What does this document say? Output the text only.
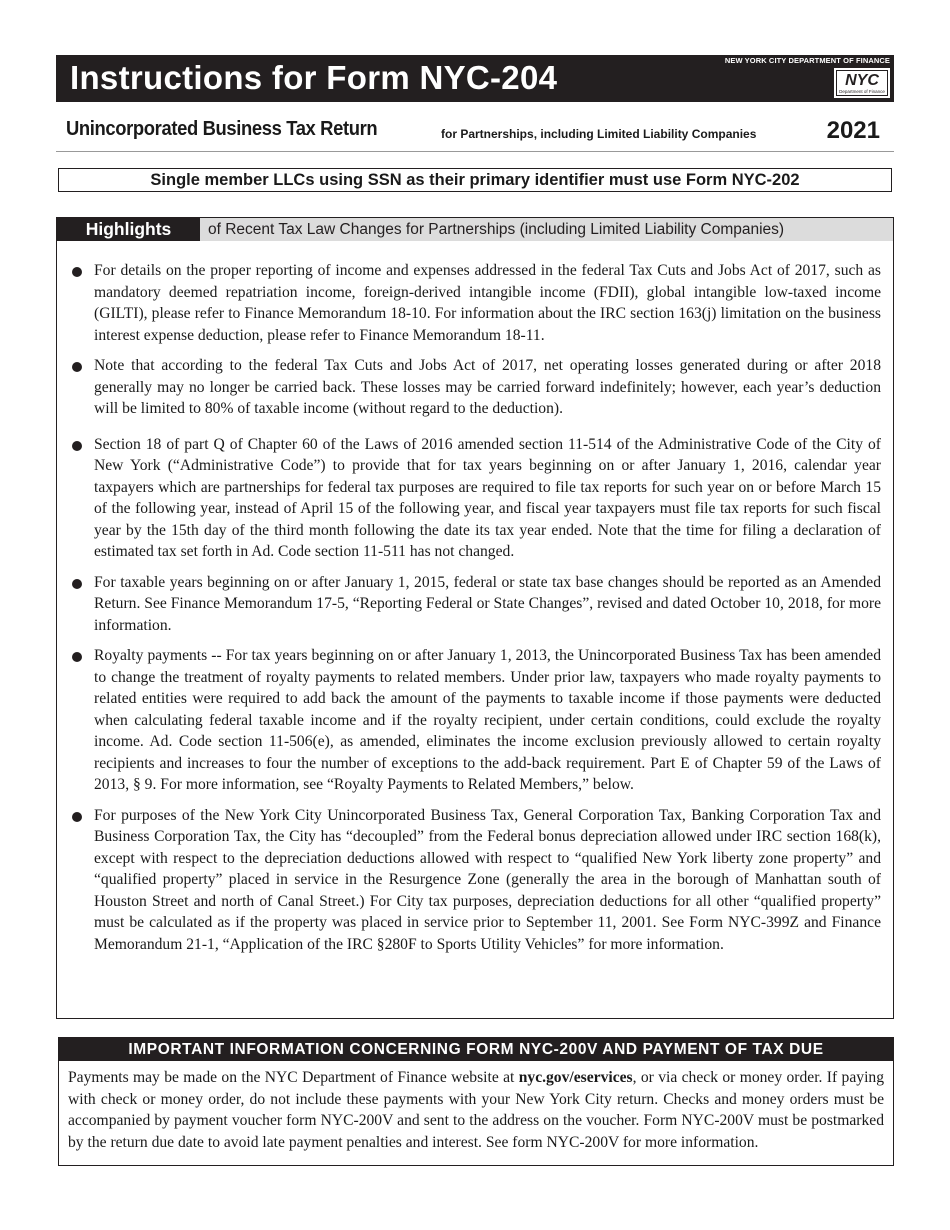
Instructions for Form NYC-204	NEW YORK CITY DEPARTMENT OF FINANCE
NYC
Department of Finance
Unincorporated Business Tax Return	for Partnerships, including Limited Liability Companies	2021
Single member LLCs using SSN as their primary identifier must use Form NYC-202
Highlights	of Recent Tax Law Changes for Partnerships (including Limited Liability Companies)
For details on the proper reporting of income and expenses addressed in the federal Tax Cuts and Jobs Act of 2017, such as mandatory deemed repatriation income, foreign-derived intangible income (FDII), global intangible low-taxed income (GILTI), please refer to Finance Memorandum 18-10. For information about the IRC section 163(j) limitation on the business interest expense deduction, please refer to Finance Memorandum 18-11.
Note that according to the federal Tax Cuts and Jobs Act of 2017, net operating losses generated during or after 2018 generally may no longer be carried back. These losses may be carried forward indefinitely; however, each year’s deduction will be limited to 80% of taxable income (without regard to the deduction).
Section 18 of part Q of Chapter 60 of the Laws of 2016 amended section 11-514 of the Administrative Code of the City of New York (“Administrative Code”) to provide that for tax years beginning on or after January 1, 2016, calendar year taxpayers which are partnerships for federal tax purposes are required to file tax reports for such year on or before March 15 of the following year, instead of April 15 of the following year, and fiscal year taxpayers must file tax reports for such fiscal year by the 15th day of the third month following the date its tax year ended. Note that the time for filing a declaration of estimated tax set forth in Ad. Code section 11-511 has not changed.
For taxable years beginning on or after January 1, 2015, federal or state tax base changes should be reported as an Amended Return. See Finance Memorandum 17-5, “Reporting Federal or State Changes”, revised and dated October 10, 2018, for more information.
Royalty payments -- For tax years beginning on or after January 1, 2013, the Unincorporated Business Tax has been amended to change the treatment of royalty payments to related members. Under prior law, taxpayers who made royalty payments to related entities were required to add back the amount of the payments to taxable income if those payments were deducted when calculating federal taxable income and if the royalty recipient, under certain conditions, could exclude the royalty income. Ad. Code section 11-506(e), as amended, eliminates the income exclusion previously allowed to certain royalty recipients and increases to four the number of exceptions to the add-back requirement. Part E of Chapter 59 of the Laws of 2013, § 9. For more information, see “Royalty Payments to Related Members,” below.
For purposes of the New York City Unincorporated Business Tax, General Corporation Tax, Banking Corporation Tax and Business Corporation Tax, the City has “decoupled” from the Federal bonus depreciation allowed under IRC section 168(k), except with respect to the depreciation deductions allowed with respect to “qualified New York liberty zone property” and “qualified property” placed in service in the Resurgence Zone (generally the area in the borough of Manhattan south of Houston Street and north of Canal Street.) For City tax purposes, depreciation deductions for all other “qualified property” must be calculated as if the property was placed in service prior to September 11, 2001. See Form NYC-399Z and Finance Memorandum 21-1, “Application of the IRC §280F to Sports Utility Vehicles” for more information.
IMPORTANT INFORMATION CONCERNING FORM NYC-200V AND PAYMENT OF TAX DUE
Payments may be made on the NYC Department of Finance website at nyc.gov/eservices, or via check or money order. If paying with check or money order, do not include these payments with your New York City return. Checks and money orders must be accompanied by payment voucher form NYC-200V and sent to the address on the voucher. Form NYC-200V must be postmarked by the return due date to avoid late payment penalties and interest. See form NYC-200V for more information.
